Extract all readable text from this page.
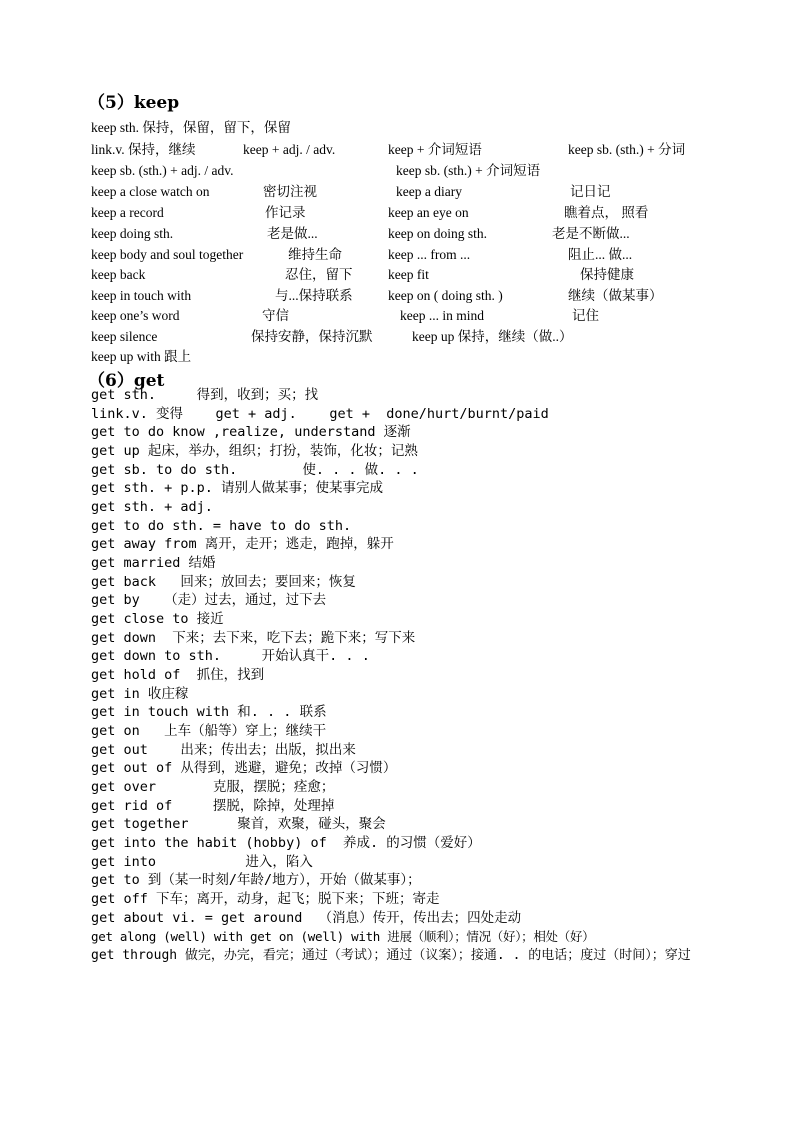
（5）keep
keep sth. 保持，保留，留下，保留
link.v. 保持，继续	keep + adj. / adv.	keep + 介词短语	keep sb. (sth.) + 分词
keep sb. (sth.) + adj. / adv.	keep sb. (sth.) + 介词短语
keep a close watch on	密切注视	keep a diary	记日记
keep a record	作记录	keep an eye on	瞧着点， 照看
keep doing sth.	老是做...	keep on doing sth.	老是不断做...
keep body and soul together	维持生命	keep ... from ...	阻止... 做...
keep back	忍住，留下	keep fit	保持健康
keep in touch with	与...保持联系	keep on ( doing sth. )	继续（做某事）
keep one’s word	守信	keep ... in mind	记住
keep silence	保持安静，保持沉默	keep up 保持，继续（做..）
keep up with 跟上
（6）get
get sth.     得到，收到；买；找
link.v. 变得    get + adj.    get +  done/hurt/burnt/paid
get to do know ,realize, understand 逐渐
get up 起床，举办，组织；打扮，装饰，化妆；记熟
get sb. to do sth.        使. . . 做. . .
get sth. + p.p. 请别人做某事；使某事完成
get sth. + adj.
get to do sth. = have to do sth.
get away from 离开，走开；逃走，跑掉，躲开
get married 结婚
get back   回来；放回去；要回来；恢复
get by   （走）过去，通过，过下去
get close to 接近
get down  下来；去下来，吃下去；跪下来；写下来
get down to sth.     开始认真干. . .
get hold of  抓住，找到
get in 收庄稼
get in touch with 和. . . 联系
get on   上车（船等）穿上；继续干
get out    出来；传出去；出版，拟出来
get out of 从得到，逃避，避免；改掉（习惯）
get over       克服，摆脱；痊愈；
get rid of     摆脱，除掉，处理掉
get together      聚首，欢聚，碰头，聚会
get into the habit (hobby) of  养成. 的习惯（爱好）
get into           进入，陷入
get to 到（某一时刻/年龄/地方），开始（做某事）；
get off 下车；离开，动身，起飞；脱下来；下班；寄走
get about vi. = get around  （消息）传开，传出去；四处走动
get along (well) with get on (well) with 进展（顺利）；情况（好）；相处（好）
get through 做完，办完，看完；通过（考试）；通过（议案）；接通. . 的电话；度过（时间）；穿过
